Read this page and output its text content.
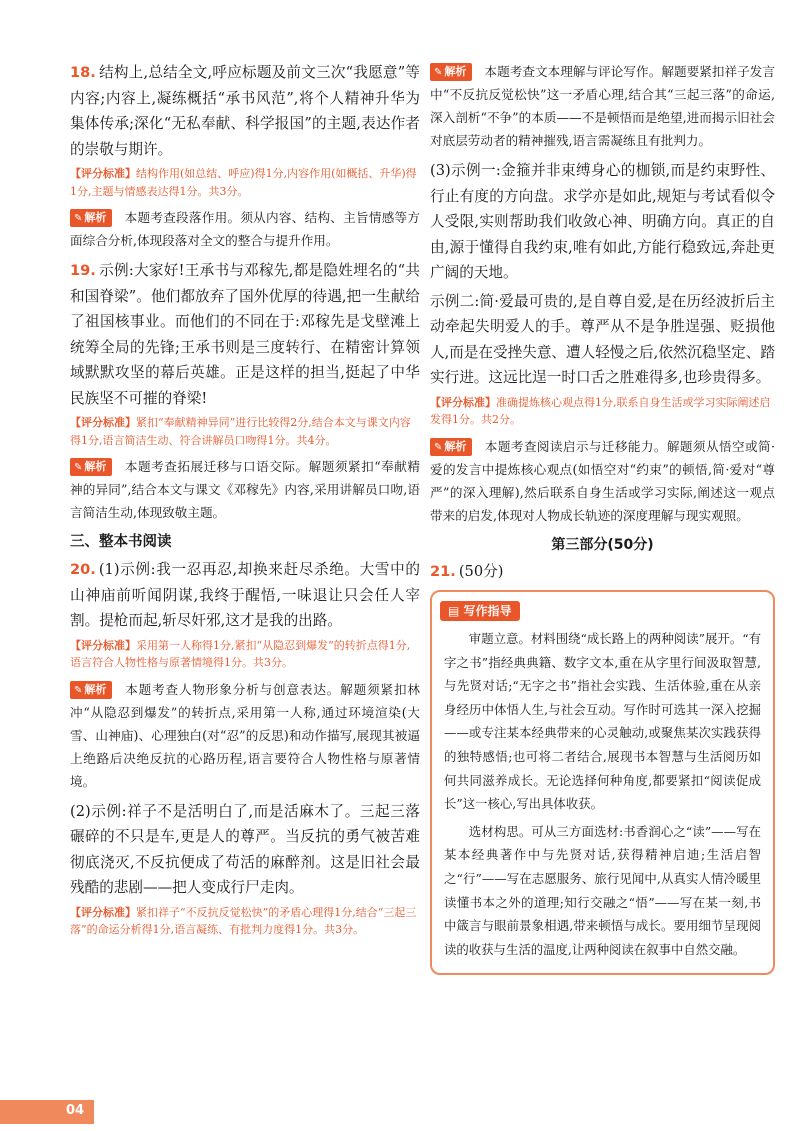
18. 结构上,总结全文,呼应标题及前文三次“我愿意”等内容;内容上,凝练概括“承书风范”,将个人精神升华为集体传承;深化“无私奉献、科学报国”的主题,表达作者的崇敬与期许。

【评分标准】结构作用(如总结、呼应)得1分,内容作用(如概括、升华)得1分,主题与情感表达得1分。共3分。

✎ 解析 本题考查段落作用。须从内容、结构、主旨情感等方面综合分析,体现段落对全文的整合与提升作用。

19. 示例:大家好!王承书与邓稼先,都是隐姓埋名的“共和国脊梁”。他们都放弃了国外优厚的待遇,把一生献给了祖国核事业。而他们的不同在于:邓稼先是戈壁滩上统筹全局的先锋;王承书则是三度转行、在精密计算领域默默攻坚的幕后英雄。正是这样的担当,挺起了中华民族坚不可摧的脊梁!

【评分标准】紧扣“奉献精神异同”进行比较得2分,结合本文与课文内容得1分,语言简洁生动、符合讲解员口吻得1分。共4分。

✎ 解析 本题考查拓展迁移与口语交际。解题须紧扣“奉献精神的异同”,结合本文与课文《邓稼先》内容,采用讲解员口吻,语言简洁生动,体现致敬主题。

三、整本书阅读

20. (1)示例:我一忍再忍,却换来赶尽杀绝。大雪中的山神庙前听闻阴谋,我终于醒悟,一味退让只会任人宰割。提枪而起,斩尽奸邪,这才是我的出路。

【评分标准】采用第一人称得1分,紧扣“从隐忍到爆发”的转折点得1分,语言符合人物性格与原著情境得1分。共3分。

✎ 解析 本题考查人物形象分析与创意表达。解题须紧扣林冲“从隐忍到爆发”的转折点,采用第一人称,通过环境渲染(大雪、山神庙)、心理独白(对“忍”的反思)和动作描写,展现其被逼上绝路后决绝反抗的心路历程,语言要符合人物性格与原著情境。

(2)示例:祥子不是活明白了,而是活麻木了。三起三落碾碎的不只是车,更是人的尊严。当反抗的勇气被苦难彻底浇灭,不反抗便成了苟活的麻醉剂。这是旧社会最残酷的悲剧——把人变成行尸走肉。

【评分标准】紧扣祥子“不反抗反觉松快”的矛盾心理得1分,结合“三起三落”的命运分析得1分,语言凝练、有批判力度得1分。共3分。

✎ 解析 本题考查文本理解与评论写作。解题要紧扣祥子发言中“不反抗反觉松快”这一矛盾心理,结合其“三起三落”的命运,深入剖析“不争”的本质——不是顿悟而是绝望,进而揭示旧社会对底层劳动者的精神摧残,语言需凝练且有批判力。

(3)示例一:金箍并非束缚身心的枷锁,而是约束野性、行止有度的方向盘。求学亦是如此,规矩与考试看似令人受限,实则帮助我们收敛心神、明确方向。真正的自由,源于懂得自我约束,唯有如此,方能行稳致远,奔赴更广阔的天地。

示例二:简·爱最可贵的,是自尊自爱,是在历经波折后主动牵起失明爱人的手。尊严从不是争胜逞强、贬损他人,而是在受挫失意、遭人轻慢之后,依然沉稳坚定、踏实行进。这远比逞一时口舌之胜难得多,也珍贵得多。

【评分标准】准确提炼核心观点得1分,联系自身生活或学习实际阐述启发得1分。共2分。

✎ 解析 本题考查阅读启示与迁移能力。解题须从悟空或简·爱的发言中提炼核心观点(如悟空对“约束”的顿悟,简·爱对“尊严”的深入理解),然后联系自身生活或学习实际,阐述这一观点带来的启发,体现对人物成长轨迹的深度理解与现实观照。

第三部分(50分)

21. (50分)

▤ 写作指导

审题立意。材料围绕“成长路上的两种阅读”展开。“有字之书”指经典典籍、数字文本,重在从字里行间汲取智慧,与先贤对话;“无字之书”指社会实践、生活体验,重在从亲身经历中体悟人生,与社会互动。写作时可选其一深入挖掘——或专注某本经典带来的心灵触动,或聚焦某次实践获得的独特感悟;也可将二者结合,展现书本智慧与生活阅历如何共同滋养成长。无论选择何种角度,都要紧扣“阅读促成长”这一核心,写出具体收获。

选材构思。可从三方面选材:书香润心之“读”——写在某本经典著作中与先贤对话,获得精神启迪;生活启智之“行”——写在志愿服务、旅行见闻中,从真实人情冷暖里读懂书本之外的道理;知行交融之“悟”——写在某一刻,书中箴言与眼前景象相遇,带来顿悟与成长。要用细节呈现阅读的收获与生活的温度,让两种阅读在叙事中自然交融。

04
